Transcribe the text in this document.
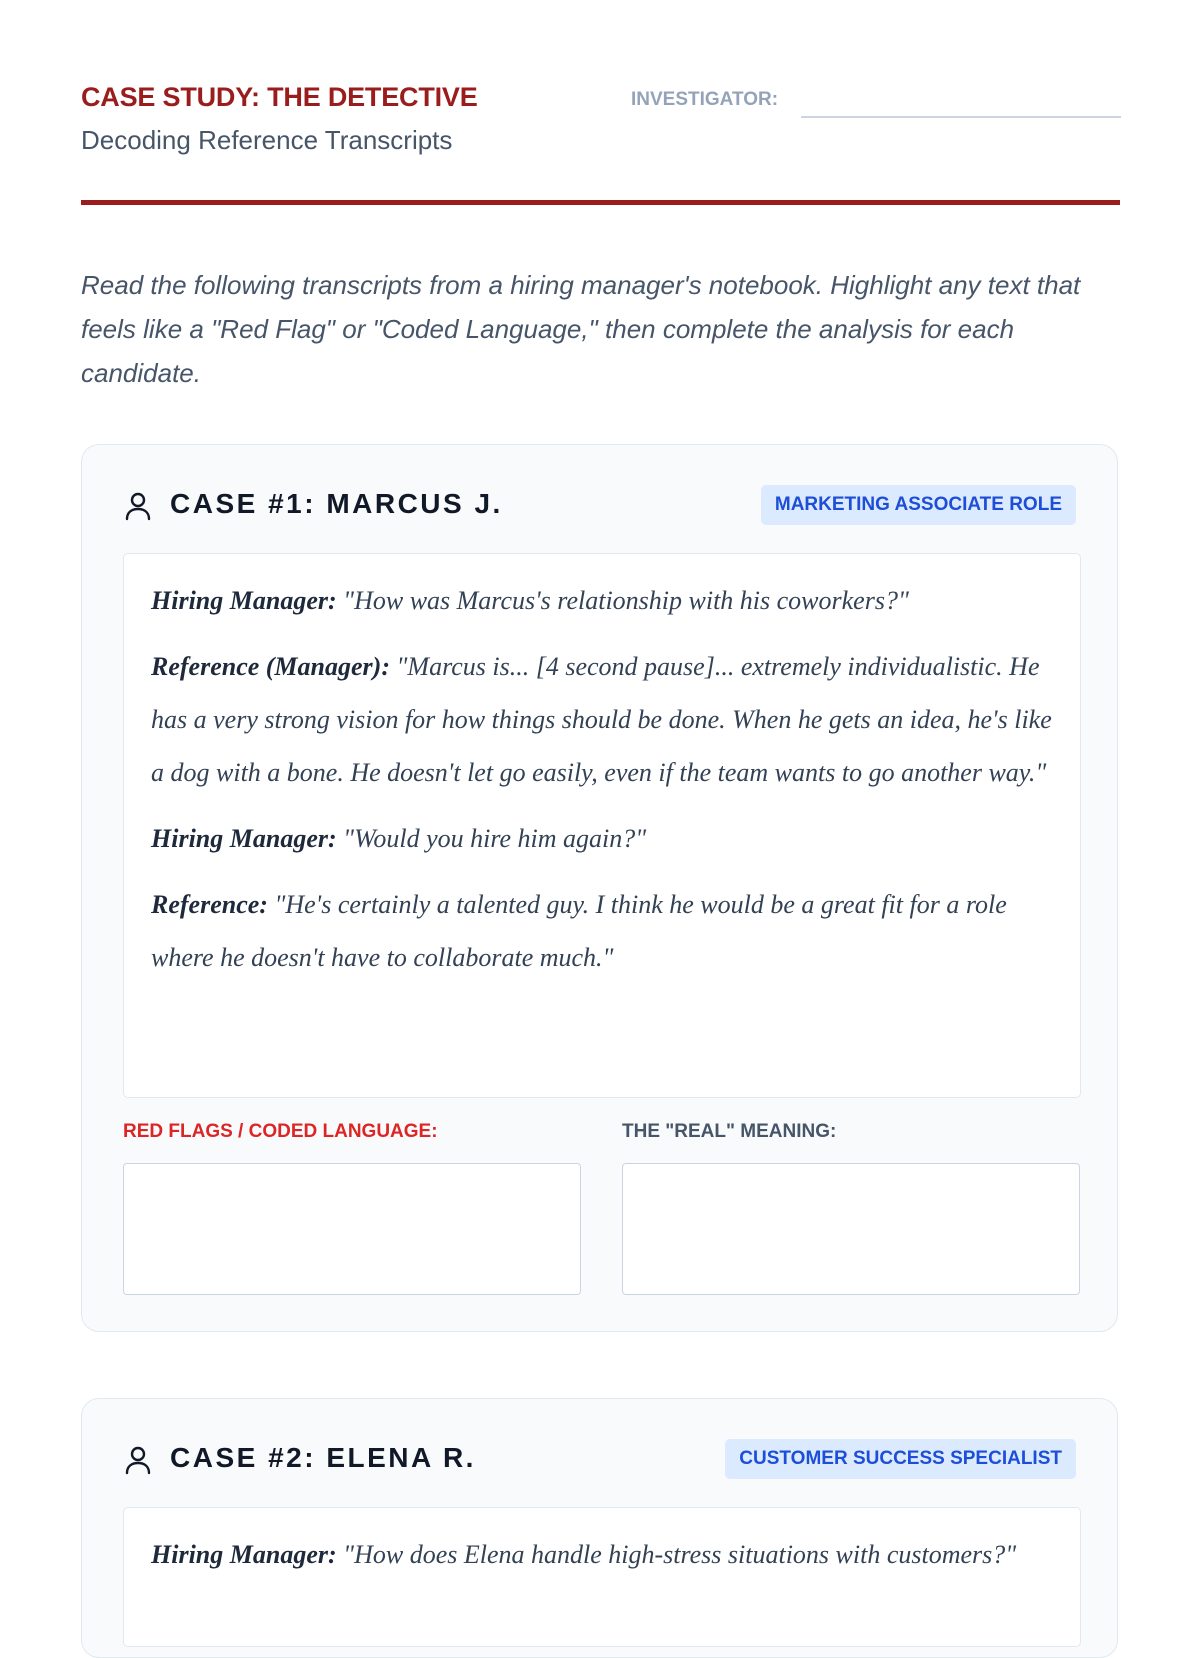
CASE STUDY: THE DETECTIVE
Decoding Reference Transcripts
INVESTIGATOR:

Read the following transcripts from a hiring manager's notebook. Highlight any text that feels like a "Red Flag" or "Coded Language," then complete the analysis for each candidate.

CASE #1: MARCUS J.	MARKETING ASSOCIATE ROLE

Hiring Manager: "How was Marcus's relationship with his coworkers?"

Reference (Manager): "Marcus is... [4 second pause]... extremely individualistic. He has a very strong vision for how things should be done. When he gets an idea, he's like a dog with a bone. He doesn't let go easily, even if the team wants to go another way."

Hiring Manager: "Would you hire him again?"

Reference: "He's certainly a talented guy. I think he would be a great fit for a role where he doesn't have to collaborate much."

RED FLAGS / CODED LANGUAGE:	THE "REAL" MEANING:
CASE #2: ELENA R.	CUSTOMER SUCCESS SPECIALIST

Hiring Manager: "How does Elena handle high-stress situations with customers?"
